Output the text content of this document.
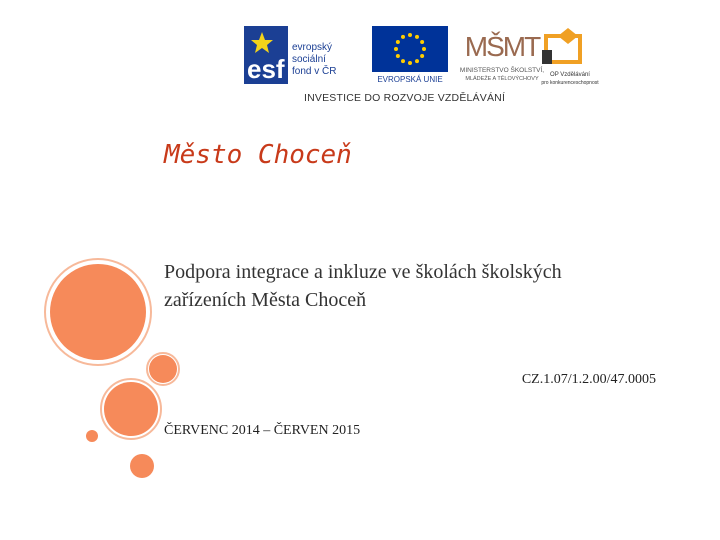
esf
evropský
sociální
fond v ČR
EVROPSKÁ UNIE
MŠMT
MINISTERSTVO ŠKOLSTVÍ,
MLÁDEŽE A TĚLOVÝCHOVY
OP Vzdělávání
pro konkurenceschopnost
INVESTICE DO ROZVOJE VZDĚLÁVÁNÍ
Město Choceň
Podpora integrace a inkluze ve školách školských zařízeních Města Choceň
CZ.1.07/1.2.00/47.0005
ČERVENC 2014 – ČERVEN 2015
